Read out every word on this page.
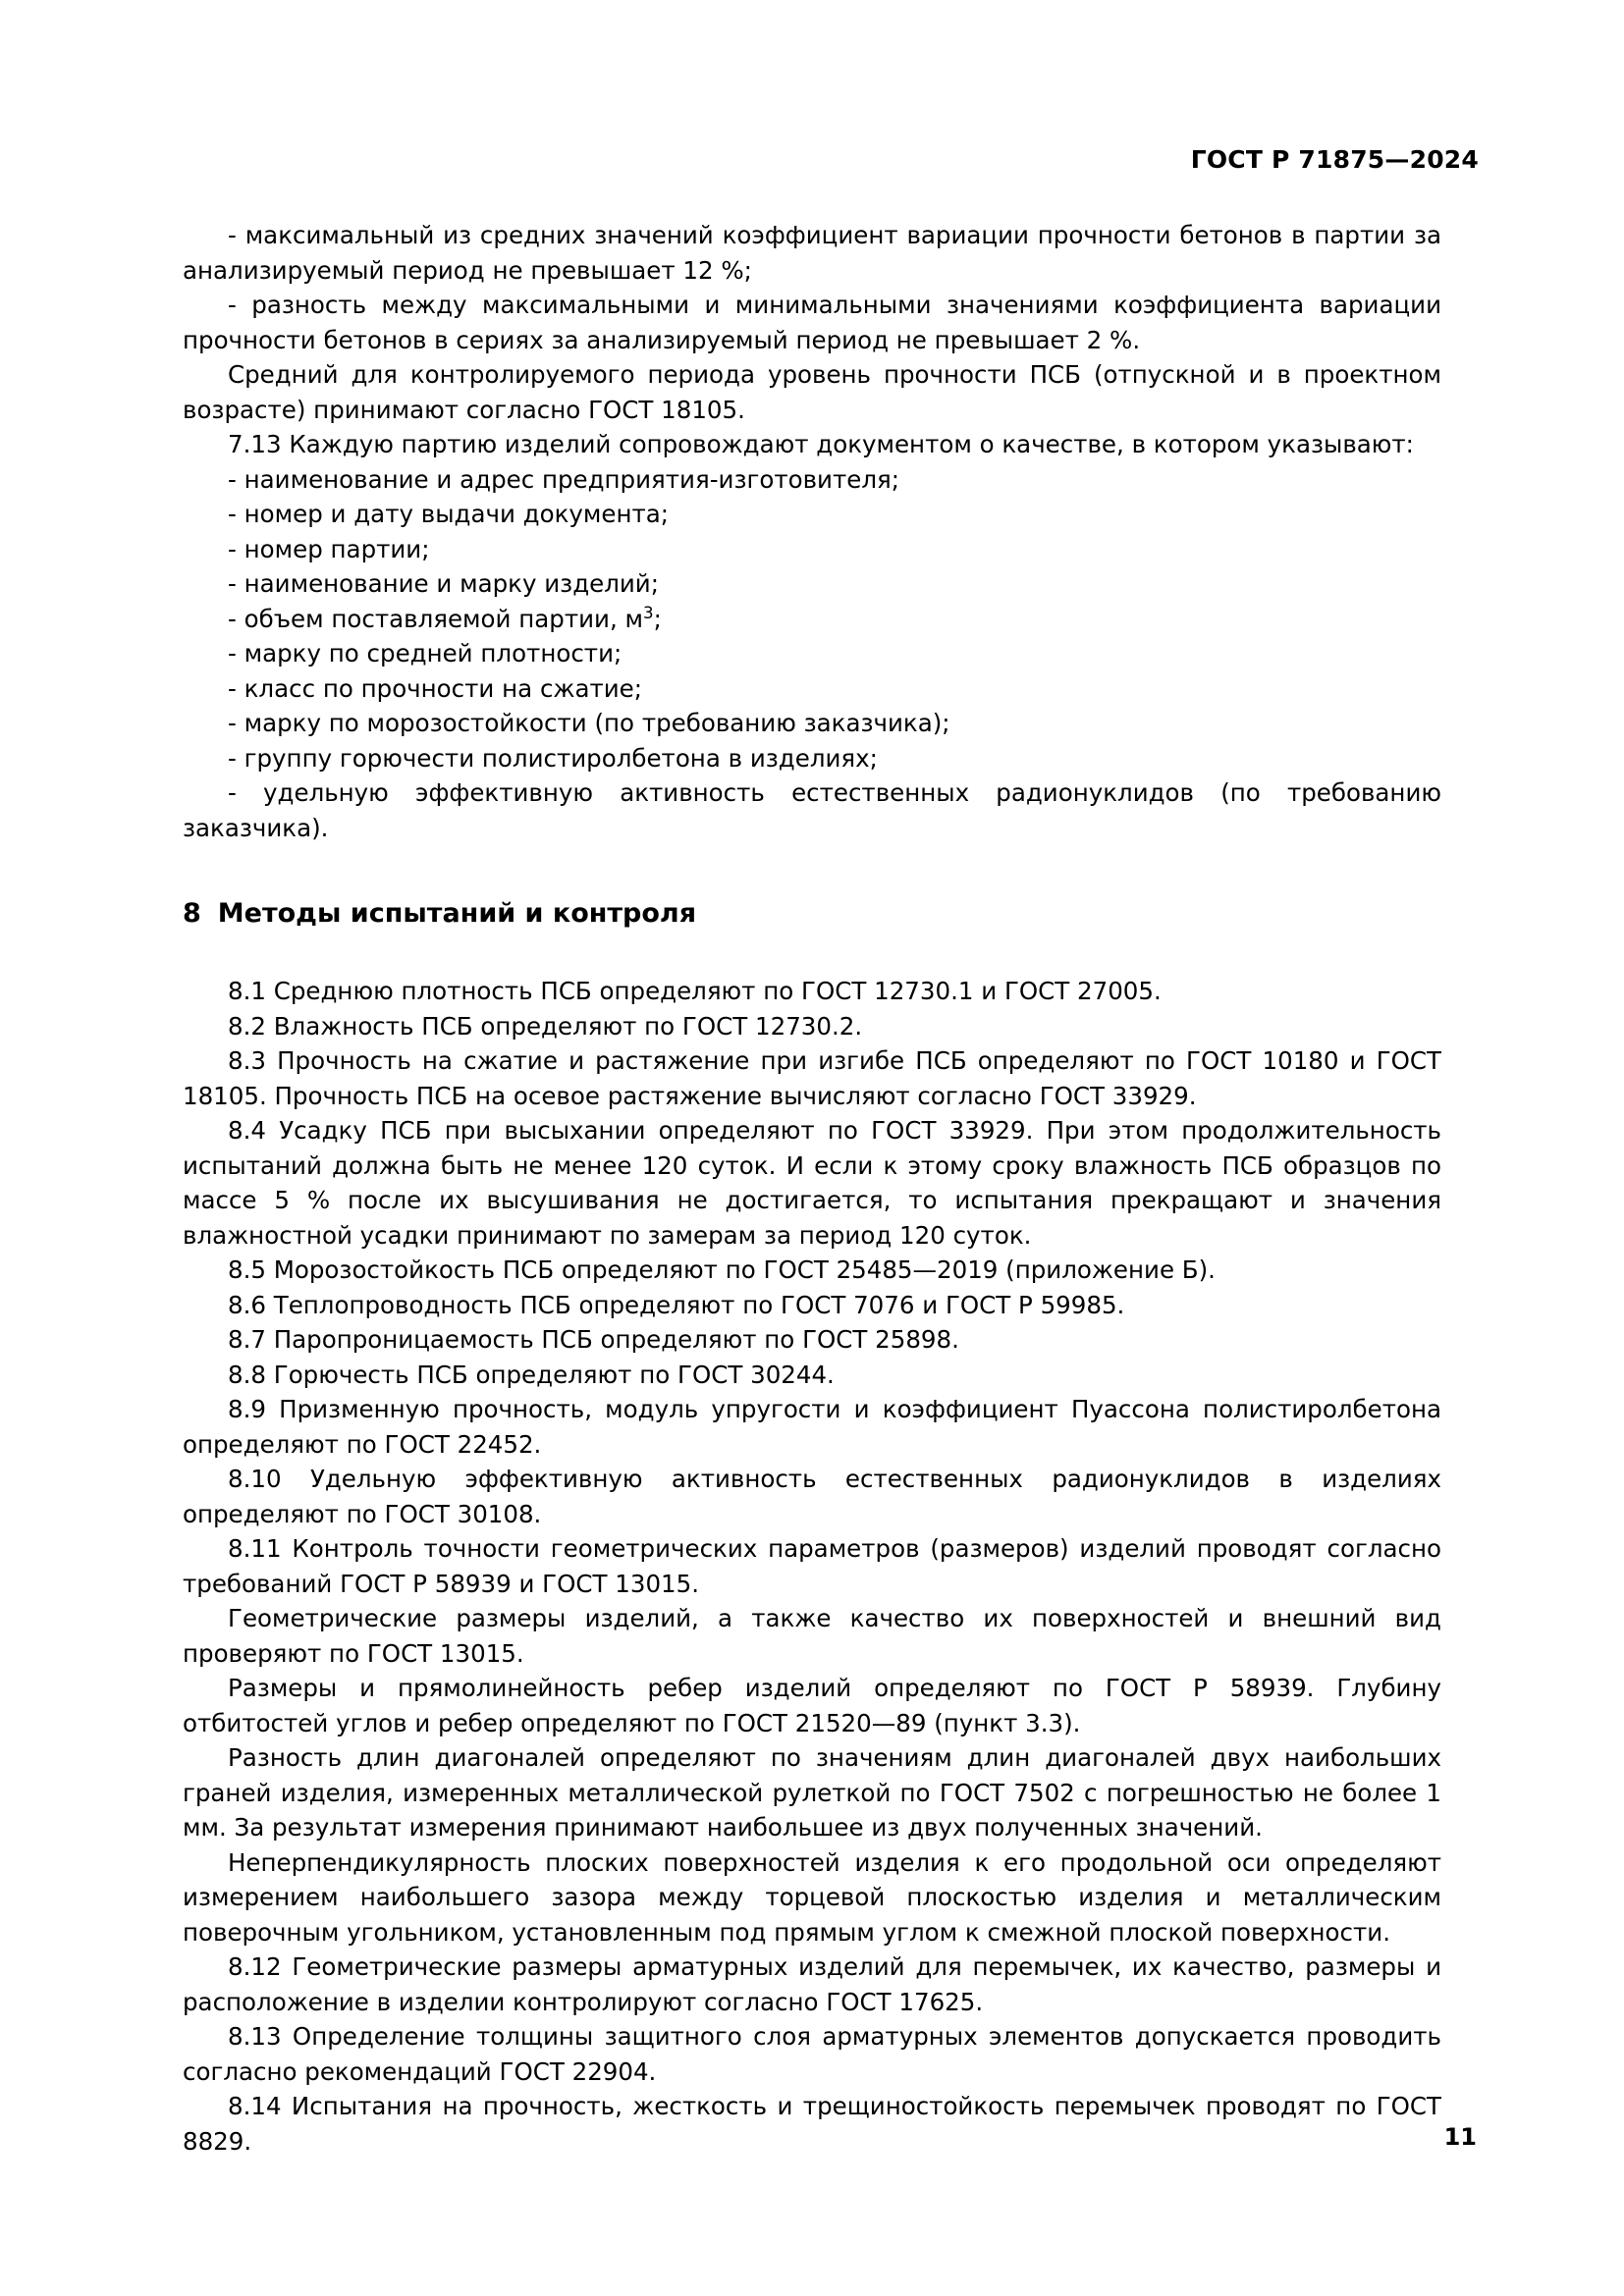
ГОСТ Р 71875—2024

- максимальный из средних значений коэффициент вариации прочности бетонов в партии за анализируемый период не превышает 12 %;

- разность между максимальными и минимальными значениями коэффициента вариации прочности бетонов в сериях за анализируемый период не превышает 2 %.

Средний для контролируемого периода уровень прочности ПСБ (отпускной и в проектном возрасте) принимают согласно ГОСТ 18105.

7.13 Каждую партию изделий сопровождают документом о качестве, в котором указывают:

- наименование и адрес предприятия-изготовителя;

- номер и дату выдачи документа;

- номер партии;

- наименование и марку изделий;

- объем поставляемой партии, $м^3$;

- марку по средней плотности;

- класс по прочности на сжатие;

- марку по морозостойкости (по требованию заказчика);

- группу горючести полистиролбетона в изделиях;

- удельную эффективную активность естественных радионуклидов (по требованию заказчика).

8 Методы испытаний и контроля

8.1 Среднюю плотность ПСБ определяют по ГОСТ 12730.1 и ГОСТ 27005.

8.2 Влажность ПСБ определяют по ГОСТ 12730.2.

8.3 Прочность на сжатие и растяжение при изгибе ПСБ определяют по ГОСТ 10180 и ГОСТ 18105. Прочность ПСБ на осевое растяжение вычисляют согласно ГОСТ 33929.

8.4 Усадку ПСБ при высыхании определяют по ГОСТ 33929. При этом продолжительность испытаний должна быть не менее 120 суток. И если к этому сроку влажность ПСБ образцов по массе 5 % после их высушивания не достигается, то испытания прекращают и значения влажностной усадки принимают по замерам за период 120 суток.

8.5 Морозостойкость ПСБ определяют по ГОСТ 25485—2019 (приложение Б).

8.6 Теплопроводность ПСБ определяют по ГОСТ 7076 и ГОСТ Р 59985.

8.7 Паропроницаемость ПСБ определяют по ГОСТ 25898.

8.8 Горючесть ПСБ определяют по ГОСТ 30244.

8.9 Призменную прочность, модуль упругости и коэффициент Пуассона полистиролбетона определяют по ГОСТ 22452.

8.10 Удельную эффективную активность естественных радионуклидов в изделиях определяют по ГОСТ 30108.

8.11 Контроль точности геометрических параметров (размеров) изделий проводят согласно требований ГОСТ Р 58939 и ГОСТ 13015.

Геометрические размеры изделий, а также качество их поверхностей и внешний вид проверяют по ГОСТ 13015.

Размеры и прямолинейность ребер изделий определяют по ГОСТ Р 58939. Глубину отбитостей углов и ребер определяют по ГОСТ 21520—89 (пункт 3.3).

Разность длин диагоналей определяют по значениям длин диагоналей двух наибольших граней изделия, измеренных металлической рулеткой по ГОСТ 7502 с погрешностью не более 1 мм. За результат измерения принимают наибольшее из двух полученных значений.

Неперпендикулярность плоских поверхностей изделия к его продольной оси определяют измерением наибольшего зазора между торцевой плоскостью изделия и металлическим поверочным угольником, установленным под прямым углом к смежной плоской поверхности.

8.12 Геометрические размеры арматурных изделий для перемычек, их качество, размеры и расположение в изделии контролируют согласно ГОСТ 17625.

8.13 Определение толщины защитного слоя арматурных элементов допускается проводить согласно рекомендаций ГОСТ 22904.

8.14 Испытания на прочность, жесткость и трещиностойкость перемычек проводят по ГОСТ 8829.	11
